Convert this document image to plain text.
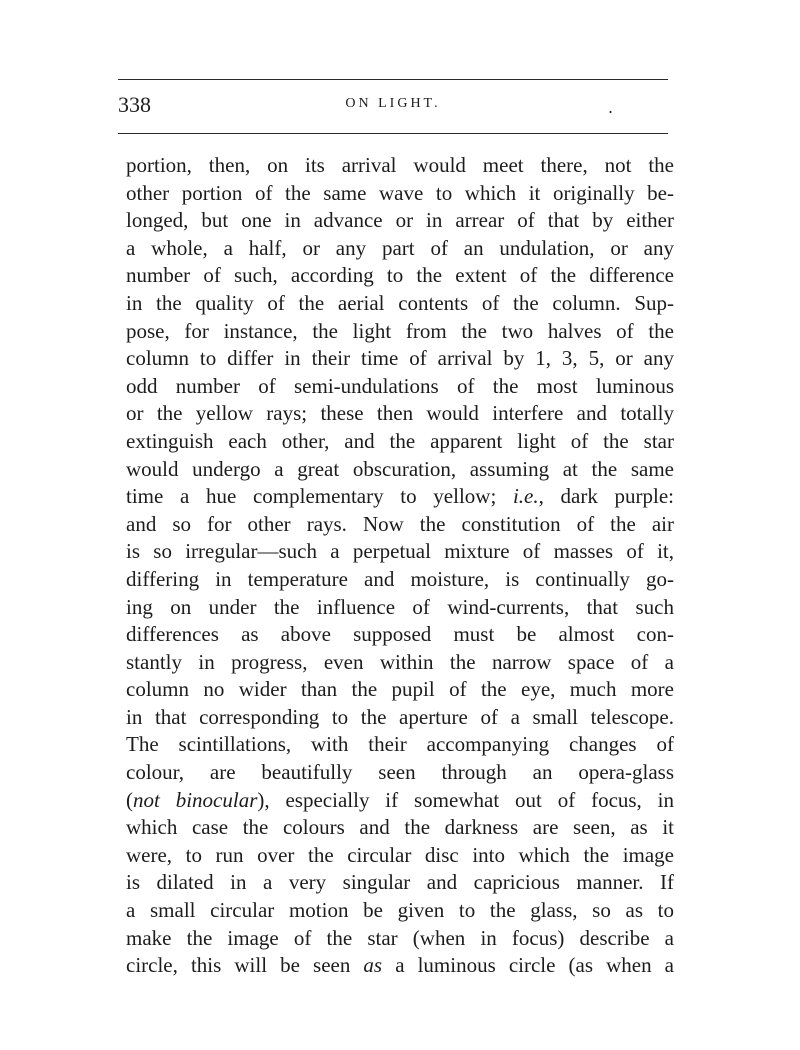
338	ON LIGHT.	.
portion, then, on its arrival would meet there, not the
other portion of the same wave to which it originally be-
longed, but one in advance or in arrear of that by either
a whole, a half, or any part of an undulation, or any
number of such, according to the extent of the difference
in the quality of the aerial contents of the column. Sup-
pose, for instance, the light from the two halves of the
column to differ in their time of arrival by 1, 3, 5, or any
odd number of semi-undulations of the most luminous
or the yellow rays; these then would interfere and totally
extinguish each other, and the apparent light of the star
would undergo a great obscuration, assuming at the same
time a hue complementary to yellow; i.e., dark purple:
and so for other rays. Now the constitution of the air
is so irregular—such a perpetual mixture of masses of it,
differing in temperature and moisture, is continually go-
ing on under the influence of wind-currents, that such
differences as above supposed must be almost con-
stantly in progress, even within the narrow space of a
column no wider than the pupil of the eye, much more
in that corresponding to the aperture of a small telescope.
The scintillations, with their accompanying changes of
colour, are beautifully seen through an opera-glass
(not binocular), especially if somewhat out of focus, in
which case the colours and the darkness are seen, as it
were, to run over the circular disc into which the image
is dilated in a very singular and capricious manner. If
a small circular motion be given to the glass, so as to
make the image of the star (when in focus) describe a
circle, this will be seen as a luminous circle (as when a
